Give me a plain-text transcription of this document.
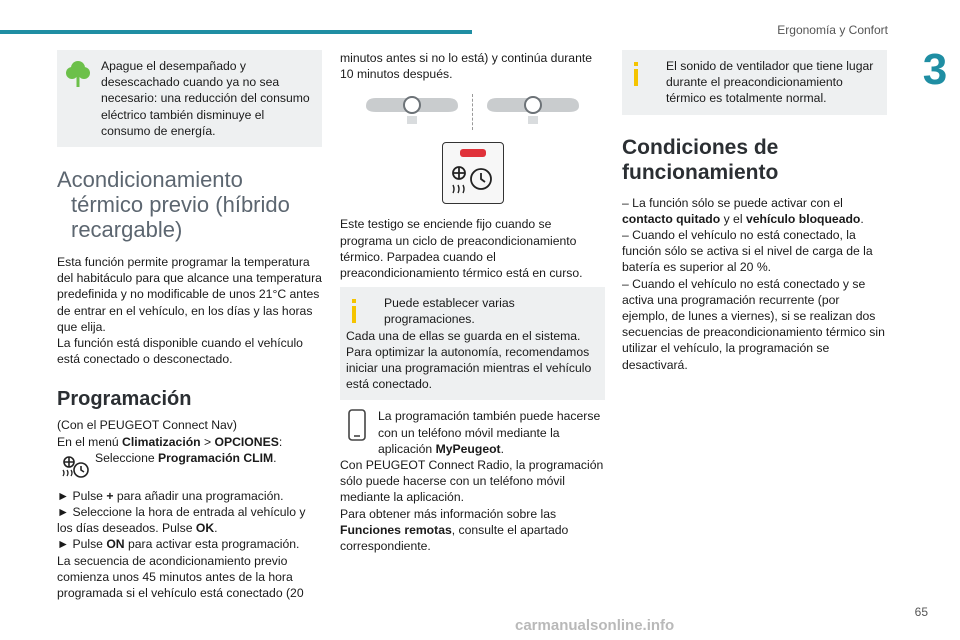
Ergonomía y Confort
3

Apague el desempañado y desescachado cuando ya no sea necesario: una reducción del consumo eléctrico también disminuye el consumo de energía.

Acondicionamiento
térmico previo (híbrido
recargable)

Esta función permite programar la temperatura del habitáculo para que alcance una temperatura predefinida y no modificable de unos 21°C antes de entrar en el vehículo, en los días y las horas que elija.

La función está disponible cuando el vehículo está conectado o desconectado.

Programación

(Con el PEUGEOT Connect Nav)

En el menú Climatización > OPCIONES:

Seleccione Programación CLIM.

► Pulse + para añadir una programación.

► Seleccione la hora de entrada al vehículo y los días deseados. Pulse OK.

► Pulse ON para activar esta programación.

La secuencia de acondicionamiento previo comienza unos 45 minutos antes de la hora programada si el vehículo está conectado (20

minutos antes si no lo está) y continúa durante 10 minutos después.

Este testigo se enciende fijo cuando se programa un ciclo de preacondicionamiento térmico. Parpadea cuando el preacondicionamiento térmico está en curso.

Puede establecer varias programaciones.

Cada una de ellas se guarda en el sistema.

Para optimizar la autonomía, recomendamos iniciar una programación mientras el vehículo está conectado.

La programación también puede hacerse con un teléfono móvil mediante la aplicación MyPeugeot.

Con PEUGEOT Connect Radio, la programación sólo puede hacerse con un teléfono móvil mediante la aplicación.

Para obtener más información sobre las Funciones remotas, consulte el apartado correspondiente.

El sonido de ventilador que tiene lugar durante el preacondicionamiento térmico es totalmente normal.

Condiciones de
funcionamiento

– La función sólo se puede activar con el contacto quitado y el vehículo bloqueado.

– Cuando el vehículo no está conectado, la función sólo se activa si el nivel de carga de la batería es superior al 20 %.

– Cuando el vehículo no está conectado y se activa una programación recurrente (por ejemplo, de lunes a viernes), si se realizan dos secuencias de preacondicionamiento térmico sin utilizar el vehículo, la programación se desactivará.

65
carmanualsonline.info
